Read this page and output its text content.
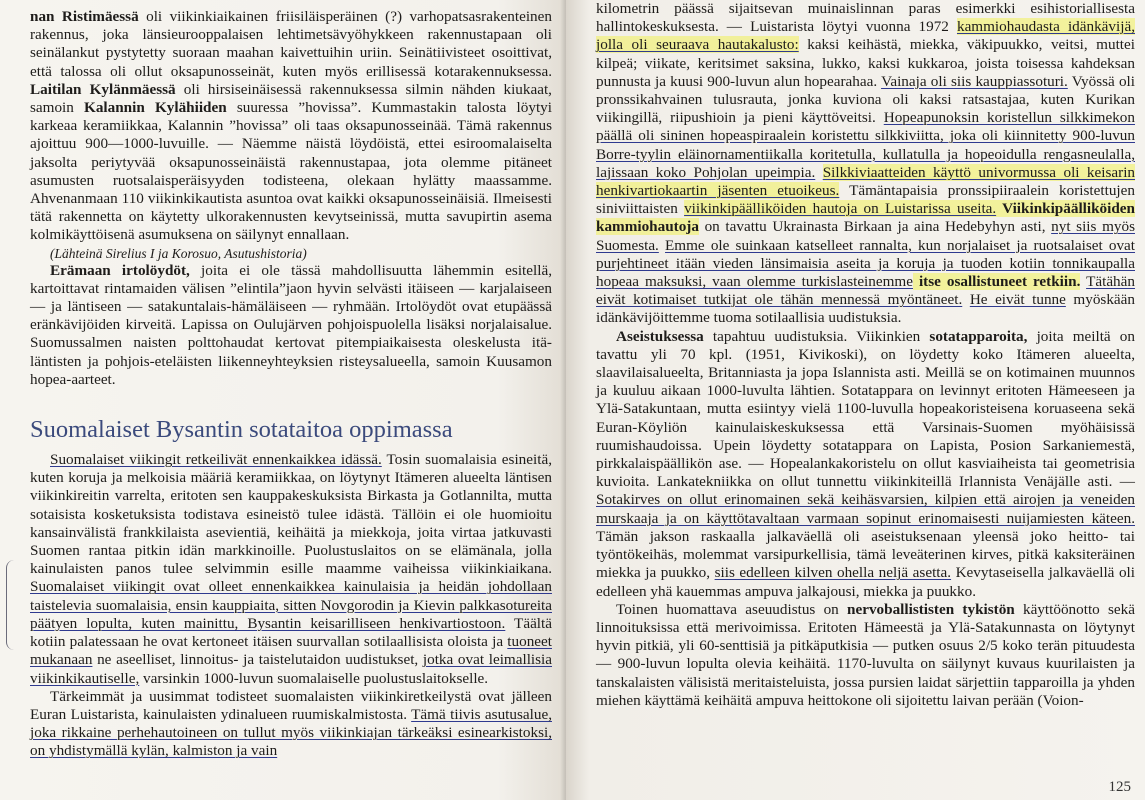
nan Ristimäessä oli viikinkiaikainen friisiläisperäinen (?) varhopatsasrakenteinen rakennus, joka länsieurooppalaisen lehtimetsävyöhykkeen rakennustapaan oli seinälankut pystytetty suoraan maahan kaivettuihin uriin. Seinätiivisteet osoittivat, että talossa oli ollut oksapunosseinät, kuten myös erillisessä kotarakennuksessa. Laitilan Kylänmäessä oli hirsiseinäisessä rakennuksessa silmin nähden kiukaat, samoin Kalannin Kylähiiden suuressa ”hovissa”. Kummastakin talosta löytyi karkeaa keramiikkaa, Kalannin ”hovissa” oli taas oksapunosseinää. Tämä rakennus ajoittuu 900—1000-luvuille. — Näemme näistä löydöistä, ettei esiroomalaiselta jaksolta periytyvää oksapunosseinäistä rakennustapaa, jota olemme pitäneet asumusten ruotsalaisperäisyyden todisteena, olekaan hylätty maassamme. Ahvenanmaan 110 viikinkikautista asuntoa ovat kaikki oksapunosseinäisiä. Ilmeisesti tätä rakennetta on käytetty ulkorakennusten kevytseinissä, mutta savupirtin asema kolmikäyttöisenä asumuksena on säilynyt ennallaan.

(Lähteinä Sirelius I ja Korosuo, Asutushistoria)

Erämaan irtolöydöt, joita ei ole tässä mahdollisuutta lähemmin esitellä, kartoittavat rintamaiden välisen ”elintila”jaon hyvin selvästi itäiseen — karjalaiseen — ja läntiseen — satakuntalais-hämäläiseen — ryhmään. Irtolöydöt ovat etupäässä eränkävijöiden kirveitä. Lapissa on Oulujärven pohjoispuolella lisäksi norjalaisalue. Suomussalmen naisten polttohaudat kertovat pitempiaikaisesta oleskelusta itä-läntisten ja pohjois-eteläisten liikenneyhteyksien risteysalueella, samoin Kuusamon hopea-aarteet.

Suomalaiset Bysantin sotataitoa oppimassa

Suomalaiset viikingit retkeilivät ennenkaikkea idässä. Tosin suomalaisia esineitä, kuten koruja ja melkoisia määriä keramiikkaa, on löytynyt Itämeren alueelta läntisen viikinkireitin varrelta, eritoten sen kauppakeskuksista Birkasta ja Gotlannilta, mutta sotaisista kosketuksista todistava esineistö tulee idästä. Tällöin ei ole huomioitu kansainvälistä frankkilaista asevientiä, keihäitä ja miekkoja, joita virtaa jatkuvasti Suomen rantaa pitkin idän markkinoille. Puolustuslaitos on se elämänala, jolla kainulaisten panos tulee selvimmin esille maamme vaiheissa viikinkiaikana. Suomalaiset viikingit ovat olleet ennenkaikkea kainulaisia ja heidän johdollaan taistelevia suomalaisia, ensin kauppiaita, sitten Novgorodin ja Kievin palkkasotureita päätyen lopulta, kuten mainittu, Bysantin keisarilliseen henkivartiostoon. Täältä kotiin palatessaan he ovat kertoneet itäisen suurvallan sotilaallisista oloista ja tuoneet mukanaan ne aseelliset, linnoitus- ja taistelutaidon uudistukset, jotka ovat leimallisia viikinkikautiselle, varsinkin 1000-luvun suomalaiselle puolustuslaitokselle.

Tärkeimmät ja uusimmat todisteet suomalaisten viikinkiretkeilystä ovat jälleen Euran Luistarista, kainulaisten ydinalueen ruumiskalmistosta. Tämä tiivis asutusalue, joka rikkaine perhehautoineen on tullut myös viikinkiajan tärkeäksi esinearkistoksi, on yhdistymällä kylän, kalmiston ja vain

kilometrin päässä sijaitsevan muinaislinnan paras esimerkki esihistoriallisesta hallintokeskuksesta. — Luistarista löytyi vuonna 1972 kammiohaudasta idänkävijä, jolla oli seuraava hautakalusto: kaksi keihästä, miekka, väkipuukko, veitsi, muttei kilpeä; viikate, keritsimet saksina, lukko, kaksi kukkaroa, joista toisessa kahdeksan punnusta ja kuusi 900-luvun alun hopearahaa. Vainaja oli siis kauppiassoturi. Vyössä oli pronssikahvainen tulusrauta, jonka kuviona oli kaksi ratsastajaa, kuten Kurikan viikingillä, riipushioin ja pieni käyttöveitsi. Hopeapunoksin koristellun silkkimekon päällä oli sininen hopeaspiraalein koristettu silkkiviitta, joka oli kiinnitetty 900-luvun Borre-tyylin eläinornamentiikalla koritetulla, kullatulla ja hopeoidulla rengasneulalla, lajissaan koko Pohjolan upeimpia. Silkkiviaatteiden käyttö univormussa oli keisarin henkivartiokaartin jäsenten etuoikeus. Tämäntapaisia pronssipiiraalein koristettujen siniviittaisten viikinkipäälliköiden hautoja on Luistarissa useita. Viikinkipäälliköiden kammiohautoja on tavattu Ukrainasta Birkaan ja aina Hedebyhyn asti, nyt siis myös Suomesta. Emme ole suinkaan katselleet rannalta, kun norjalaiset ja ruotsalaiset ovat purjehtineet itään vieden länsimaisia aseita ja koruja ja tuoden kotiin tonnikaupalla hopeaa maksuksi, vaan olemme turkislasteinemme itse osallistuneet retkiin. Tätähän eivät kotimaiset tutkijat ole tähän mennessä myöntäneet. He eivät tunne myöskään idänkävijöittemme tuoma sotilaallisia uudistuksia.

Aseistuksessa tapahtuu uudistuksia. Viikinkien sotatapparoita, joita meiltä on tavattu yli 70 kpl. (1951, Kivikoski), on löydetty koko Itämeren alueelta, slaavilaisalueelta, Britanniasta ja jopa Islannista asti. Meillä se on kotimainen muunnos ja kuuluu aikaan 1000-luvulta lähtien. Sotatappara on levinnyt eritoten Hämeeseen ja Ylä-Satakuntaan, mutta esiintyy vielä 1100-luvulla hopeakoristeisena koruaseena sekä Euran-Köyliön kainulaiskeskuksessa että Varsinais-Suomen myöhäisissä ruumishaudoissa. Upein löydetty sotatappara on Lapista, Posion Sarkaniemestä, pirkkalaispäällikön ase. — Hopealankakoristelu on ollut kasviaiheista tai geometrisia kuvioita. Lankatekniikka on ollut tunnettu viikinkiteillä Irlannista Venäjälle asti. — Sotakirves on ollut erinomainen sekä keihäsvarsien, kilpien että airojen ja veneiden murskaaja ja on käyttötavaltaan varmaan sopinut erinomaisesti nuijamiesten käteen. Tämän jakson raskaalla jalkaväellä oli aseistuksenaan yleensä joko heitto- tai työntökeihäs, molemmat varsipurkellisia, tämä leveäterinen kirves, pitkä kaksiteräinen miekka ja puukko, siis edelleen kilven ohella neljä asetta. Kevytaseisella jalkaväellä oli edelleen yhä kauemmas ampuva jalkajousi, miekka ja puukko.

Toinen huomattava aseuudistus on nervoballististen tykistön käyttöönotto sekä linnoituksissa että merivoimissa. Eritoten Hämeestä ja Ylä-Satakunnasta on löytynyt hyvin pitkiä, yli 60-senttisiä ja pitkäputkisia — putken osuus 2/5 koko terän pituudesta — 900-luvun lopulta olevia keihäitä. 1170-luvulta on säilynyt kuvaus kuurilaisten ja tanskalaisten välisistä meritaisteluista, jossa pursien laidat särjettiin tapparoilla ja yhden miehen käyttämä keihäitä ampuva heittokone oli sijoitettu laivan perään (Voion-

125
